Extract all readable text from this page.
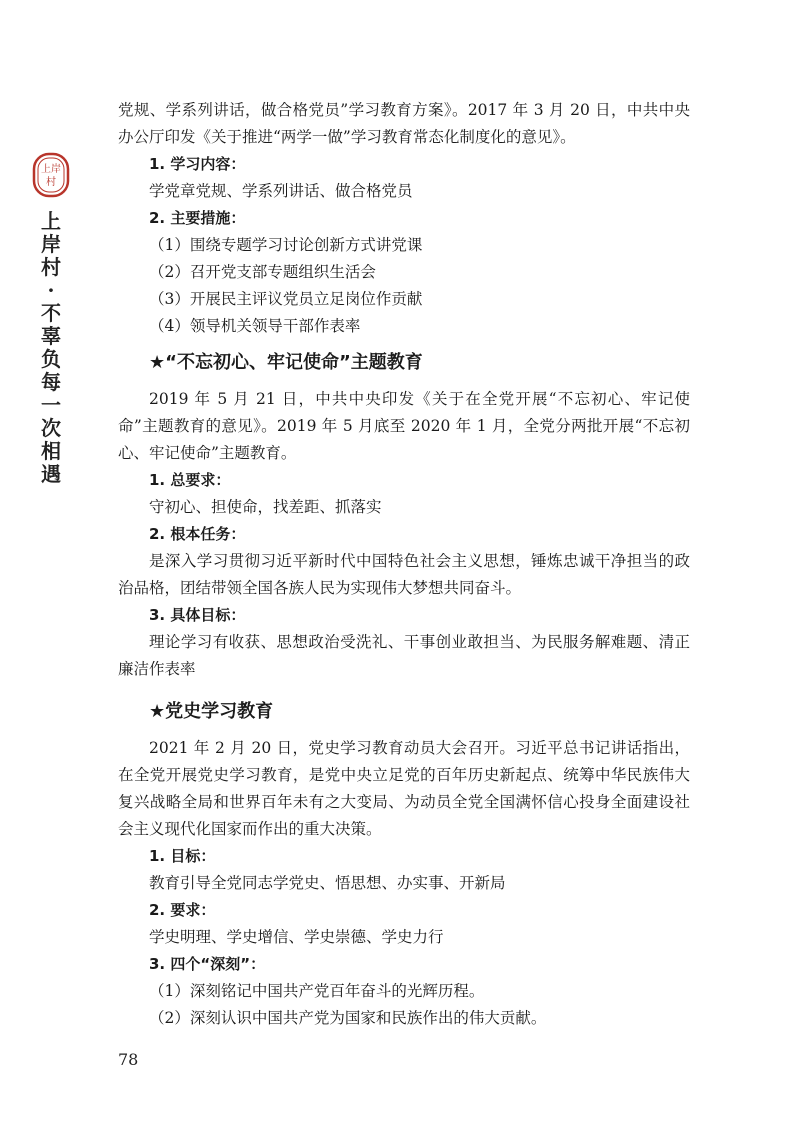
上岸
村
上
岸
村
·
不
辜
负
每
一
次
相
遇

党规、学系列讲话，做合格党员”学习教育方案》。2017 年 3 月 20 日，中共中央办公厅印发《关于推进“两学一做”学习教育常态化制度化的意见》。

1. 学习内容：

学党章党规、学系列讲话、做合格党员

2. 主要措施：

（1）围绕专题学习讨论创新方式讲党课

（2）召开党支部专题组织生活会

（3）开展民主评议党员立足岗位作贡献

（4）领导机关领导干部作表率

★“不忘初心、牢记使命”主题教育

2019 年 5 月 21 日，中共中央印发《关于在全党开展“不忘初心、牢记使命”主题教育的意见》。2019 年 5 月底至 2020 年 1 月，全党分两批开展“不忘初心、牢记使命”主题教育。

1. 总要求：

守初心、担使命，找差距、抓落实

2. 根本任务：

是深入学习贯彻习近平新时代中国特色社会主义思想，锤炼忠诚干净担当的政治品格，团结带领全国各族人民为实现伟大梦想共同奋斗。

3. 具体目标：

理论学习有收获、思想政治受洗礼、干事创业敢担当、为民服务解难题、清正廉洁作表率

★党史学习教育

2021 年 2 月 20 日，党史学习教育动员大会召开。习近平总书记讲话指出，在全党开展党史学习教育，是党中央立足党的百年历史新起点、统筹中华民族伟大复兴战略全局和世界百年未有之大变局、为动员全党全国满怀信心投身全面建设社会主义现代化国家而作出的重大决策。

1. 目标：

教育引导全党同志学党史、悟思想、办实事、开新局

2. 要求：

学史明理、学史增信、学史崇德、学史力行

3. 四个“深刻”：

（1）深刻铭记中国共产党百年奋斗的光辉历程。

（2）深刻认识中国共产党为国家和民族作出的伟大贡献。

78
